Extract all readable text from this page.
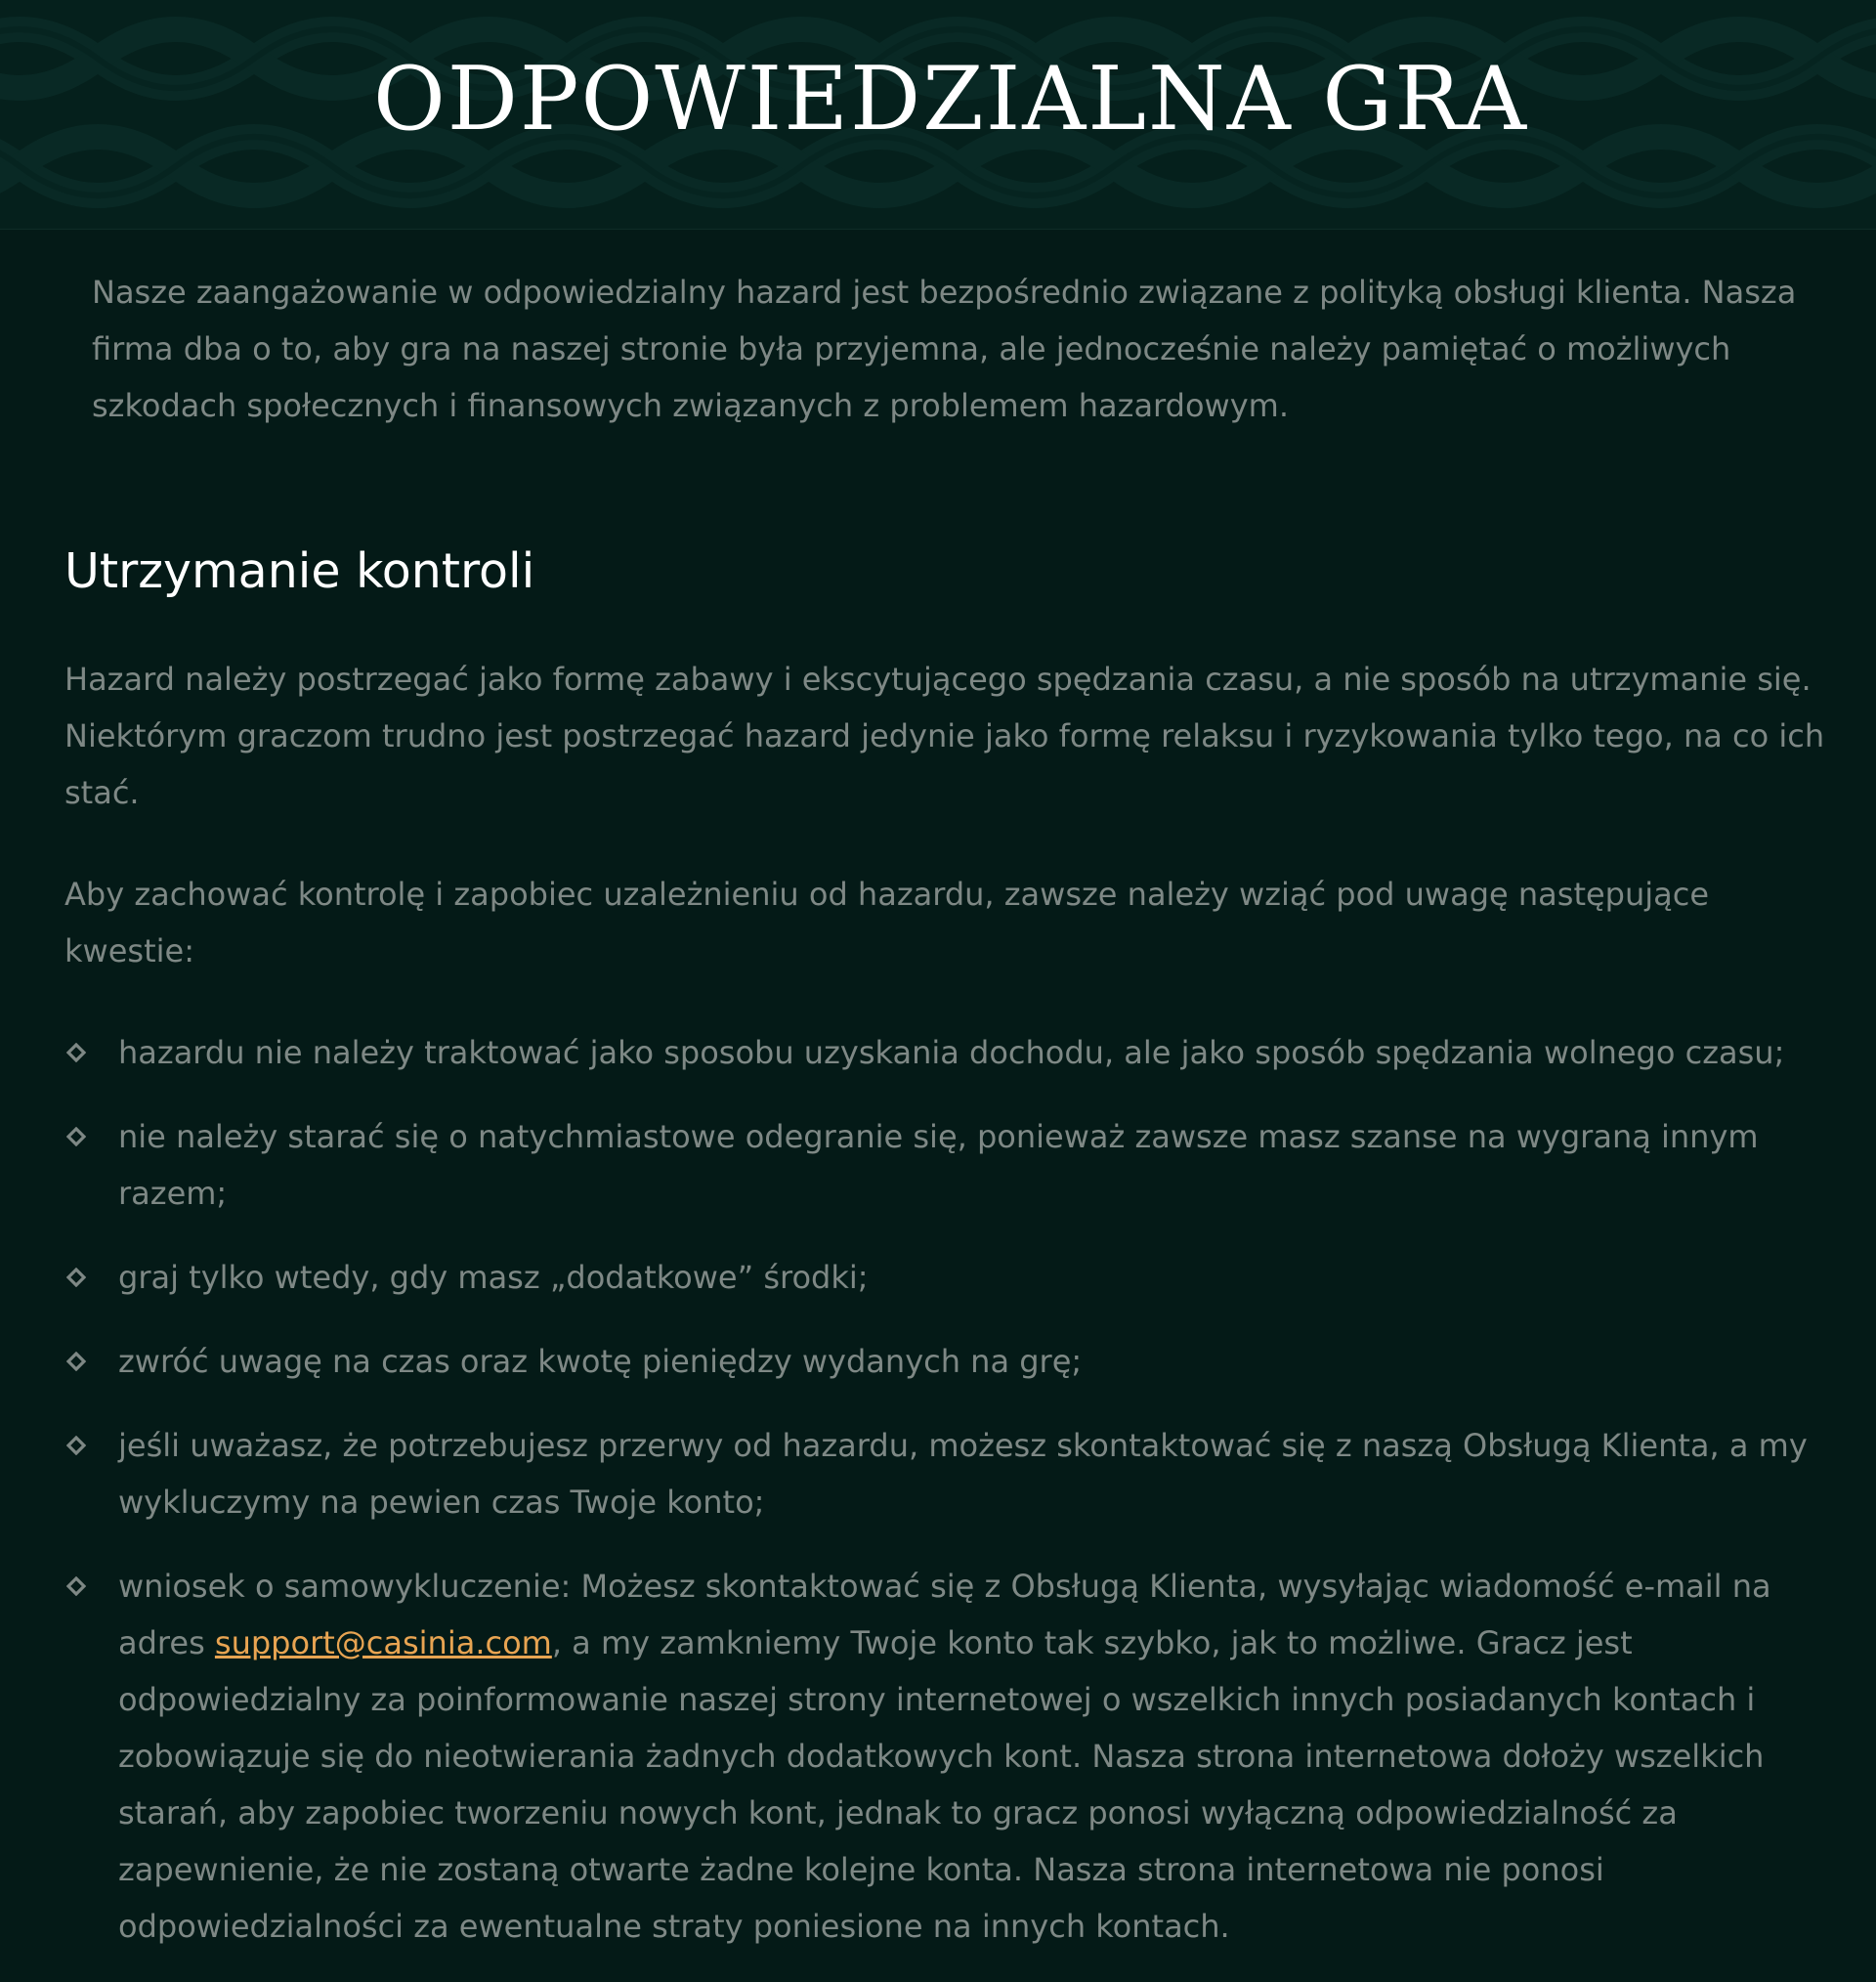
ODPOWIEDZIALNA GRA

Nasze zaangażowanie w odpowiedzialny hazard jest bezpośrednio związane z polityką obsługi klienta. Nasza firma dba o to, aby gra na naszej stronie była przyjemna, ale jednocześnie należy pamiętać o możliwych szkodach społecznych i finansowych związanych z problemem hazardowym.

Utrzymanie kontroli

Hazard należy postrzegać jako formę zabawy i ekscytującego spędzania czasu, a nie sposób na utrzymanie się. Niektórym graczom trudno jest postrzegać hazard jedynie jako formę relaksu i ryzykowania tylko tego, na co ich stać.

Aby zachować kontrolę i zapobiec uzależnieniu od hazardu, zawsze należy wziąć pod uwagę następujące kwestie:

hazardu nie należy traktować jako sposobu uzyskania dochodu, ale jako sposób spędzania wolnego czasu;
nie należy starać się o natychmiastowe odegranie się, ponieważ zawsze masz szanse na wygraną innym razem;
graj tylko wtedy, gdy masz „dodatkowe” środki;
zwróć uwagę na czas oraz kwotę pieniędzy wydanych na grę;
jeśli uważasz, że potrzebujesz przerwy od hazardu, możesz skontaktować się z naszą Obsługą Klienta, a my wykluczymy na pewien czas Twoje konto;
wniosek o samowykluczenie: Możesz skontaktować się z Obsługą Klienta, wysyłając wiadomość e-mail na adres support@casinia.com, a my zamkniemy Twoje konto tak szybko, jak to możliwe. Gracz jest odpowiedzialny za poinformowanie naszej strony internetowej o wszelkich innych posiadanych kontach i zobowiązuje się do nieotwierania żadnych dodatkowych kont. Nasza strona internetowa dołoży wszelkich starań, aby zapobiec tworzeniu nowych kont, jednak to gracz ponosi wyłączną odpowiedzialność za zapewnienie, że nie zostaną otwarte żadne kolejne konta. Nasza strona internetowa nie ponosi odpowiedzialności za ewentualne straty poniesione na innych kontach.
